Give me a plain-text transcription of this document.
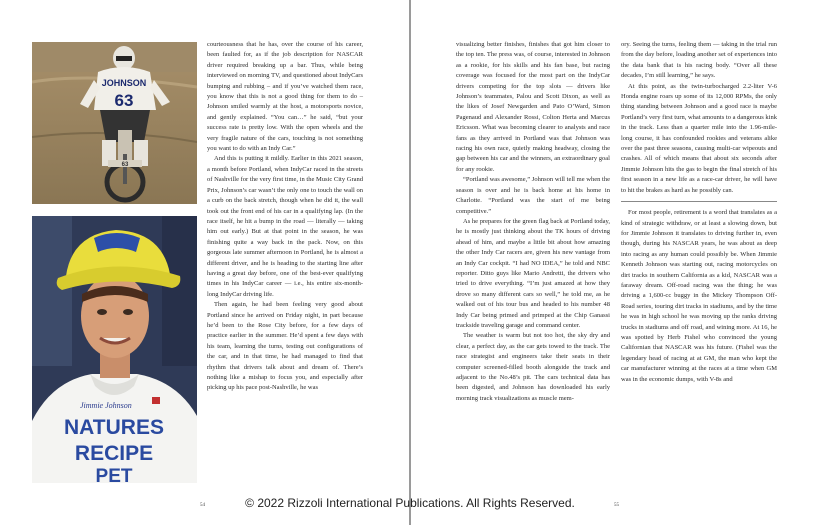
JOHNSON
63
63
Jimmie Johnson
NATURES
RECIPE
PET

courteousness that he has, over the course of his career, been faulted for, as if the job description for NASCAR driver required breaking up a bar. Thus, while being interviewed on morning TV, and questioned about IndyCars bumping and rubbing – and if you’ve watched them race, you know that this is not a good thing for them to do – Johnson smiled warmly at the host, a motorsports novice, and gently explained. “You can…” he said, “but your success rate is pretty low. With the open wheels and the very fragile nature of the cars, touching is not something you want to do with an Indy Car.”

And this is putting it mildly. Earlier in this 2021 season, a month before Portland, when IndyCar raced in the streets of Nashville for the very first time, in the Music City Grand Prix, Johnson’s car wasn’t the only one to touch the wall on a curb on the back stretch, though when he did it, the wall took out the front end of his car in a qualifying lap. (In the race itself, he hit a bump in the road — literally — taking him out early.) But at that point in the season, he was finishing quite a way back in the pack. Now, on this gorgeous late summer afternoon in Portland, he is almost a different driver, and he is heading to the starting line after having a great day before, one of the best-ever qualifying times in his IndyCar career — i.e., his entire six-month-long IndyCar driving life.

Then again, he had been feeling very good about Portland since he arrived on Friday night, in part because he’d been to the Rose City before, for a few days of practice earlier in the summer. He’d spent a few days with his team, learning the turns, testing out configurations of the car, and in that time, he had managed to find that rhythm that drivers talk about and dream of. There’s nothing like a mishap to focus you, and especially after picking up his pace post-Nashville, he was

54

visualizing better finishes, finishes that got him closer to the top ten. The press was, of course, interested in Johnson as a rookie, for his skills and his fan base, but racing coverage was focused for the most part on the IndyCar drivers competing for the top slots — drivers like Johnson’s teammates, Palou and Scott Dixon, as well as the likes of Josef Newgarden and Pato O’Ward, Simon Pagenaud and Alexander Rossi, Colton Herta and Marcus Ericsson. What was becoming clearer to analysts and race fans as they arrived in Portland was that Johnson was racing his own race, quietly making headway, closing the gap between his car and the winners, an extraordinary goal for any rookie.

“Portland was awesome,” Johnson will tell me when the season is over and he is back home at his home in Charlotte. “Portland was the start of me being competitive.”

As he prepares for the green flag back at Portland today, he is mostly just thinking about the TK hours of driving ahead of him, and maybe a little bit about how amazing the other Indy Car racers are, given his new vantage from an Indy Car cockpit. “I had NO IDEA,” he told and NBC reporter. Ditto guys like Mario Andretti, the drivers who tried to drive everything. “I’m just amazed at how they drove so many different cars so well,” he told me, as he walked out of his tour bus and headed to his number 48 Indy Car being primed and primped at the Chip Ganassi trackside traveling garage and command center.

The weather is warm but not too hot, the sky dry and clear, a perfect day, as the car gets towed to the track. The race strategist and engineers take their seats in their computer screened-filled booth alongside the track and adjacent to the No.48’s pit. The cars technical data has been digested, and Johnson has downloaded his early morning track visualizations as muscle mem-

ory. Seeing the turns, feeling them — taking in the trial run from the day before, loading another set of experiences into the data bank that is his racing body. “Over all these decades, I’m still learning,” he says.

At this point, as the twin-turbocharged 2.2-liter V-6 Honda engine roars up some of its 12,000 RPMs, the only thing standing between Johnson and a good race is maybe Portland’s very first turn, what amounts to a dangerous kink in the track. Less than a quarter mile into the 1.96-mile-long course, it has confounded rookies and veterans alike over the past three seasons, causing multi-car wipeouts and crashes. All of which means that about six seconds after Jimmie Johnson hits the gas to begin the final stretch of his first season in a new life as a race-car driver, he will have to hit the brakes as hard as he possibly can.

For most people, retirement is a word that translates as a kind of strategic withdraw, or at least a slowing down, but for Jimmie Johnson it translates to driving further in, even though, during his NASCAR years, he was about as deep into racing as any human could possibly be. When Jimmie Kenneth Johnson was starting out, racing motorcycles on dirt tracks in southern California as a kid, NASCAR was a faraway dream. Off-road racing was the thing; he was driving a 1,600-cc buggy in the Mickey Thompson Off-Road series, touring dirt tracks in stadiums, and by the time he was in high school he was moving up the ranks driving trucks in stadiums and off road, and wining more. At 16, he was spotted by Herb Fishel who convinced the young Californian that NASCAR was his future. (Fishel was the legendary head of racing at at GM, the man who kept the car manufacturer winning at the races at a time when GM was in the economic dumps, with V-8s and

55
© 2022 Rizzoli International Publications. All Rights Reserved.
